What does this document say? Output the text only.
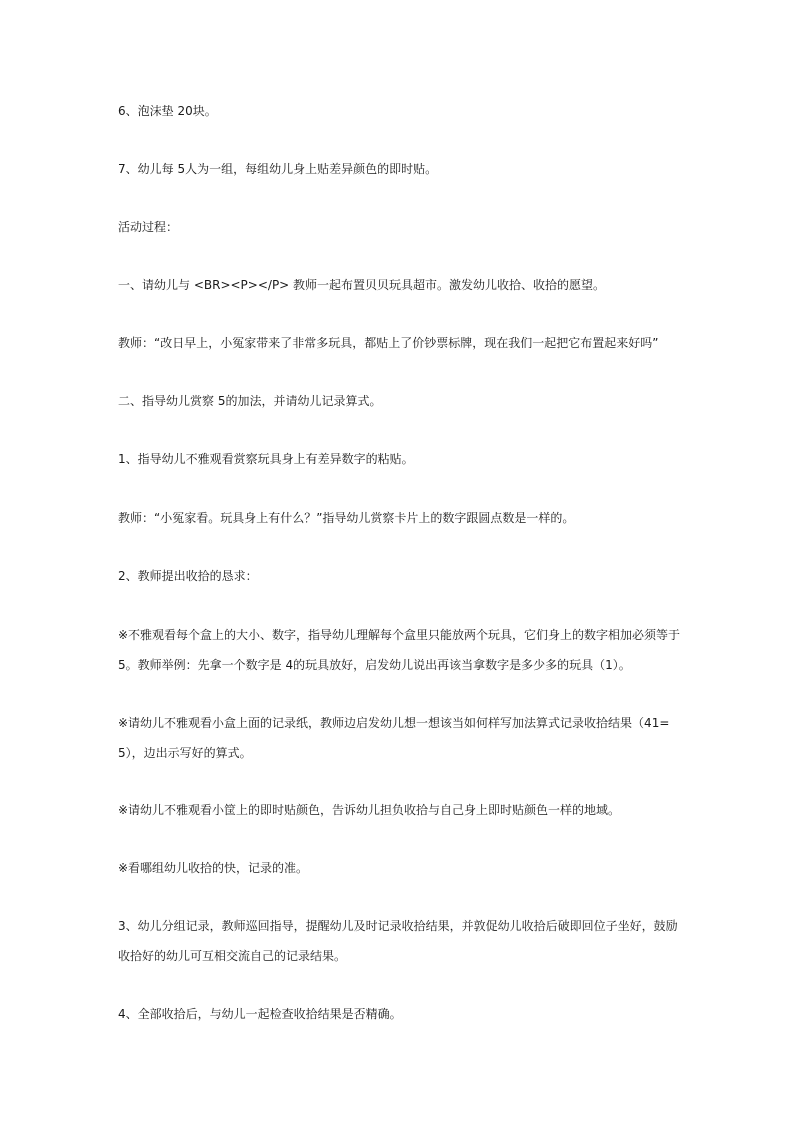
6、泡沫垫 20块。

7、幼儿每 5人为一组，每组幼儿身上贴差异颜色的即时贴。

活动过程：

一、请幼儿与 <BR><P></P> 教师一起布置贝贝玩具超市。激发幼儿收拾、收拾的愿望。

教师：“改日早上，小冤家带来了非常多玩具，都贴上了价钞票标牌，现在我们一起把它布置起来好吗”

二、指导幼儿赏察 5的加法，并请幼儿记录算式。

1、指导幼儿不雅观看赏察玩具身上有差异数字的粘贴。

教师：“小冤家看。玩具身上有什么？”指导幼儿赏察卡片上的数字跟圆点数是一样的。

2、教师提出收拾的恳求：

※不雅观看每个盒上的大小、数字，指导幼儿理解每个盒里只能放两个玩具，它们身上的数字相加必须等于 5。教师举例：先拿一个数字是 4的玩具放好，启发幼儿说出再该当拿数字是多少多的玩具（1）。

※请幼儿不雅观看小盒上面的记录纸，教师边启发幼儿想一想该当如何样写加法算式记录收拾结果（41=5），边出示写好的算式。

※请幼儿不雅观看小筐上的即时贴颜色，告诉幼儿担负收拾与自己身上即时贴颜色一样的地域。

※看哪组幼儿收拾的快，记录的准。

3、幼儿分组记录，教师巡回指导，提醒幼儿及时记录收拾结果，并敦促幼儿收拾后破即回位子坐好，鼓励收拾好的幼儿可互相交流自己的记录结果。

4、全部收拾后，与幼儿一起检查收拾结果是否精确。
